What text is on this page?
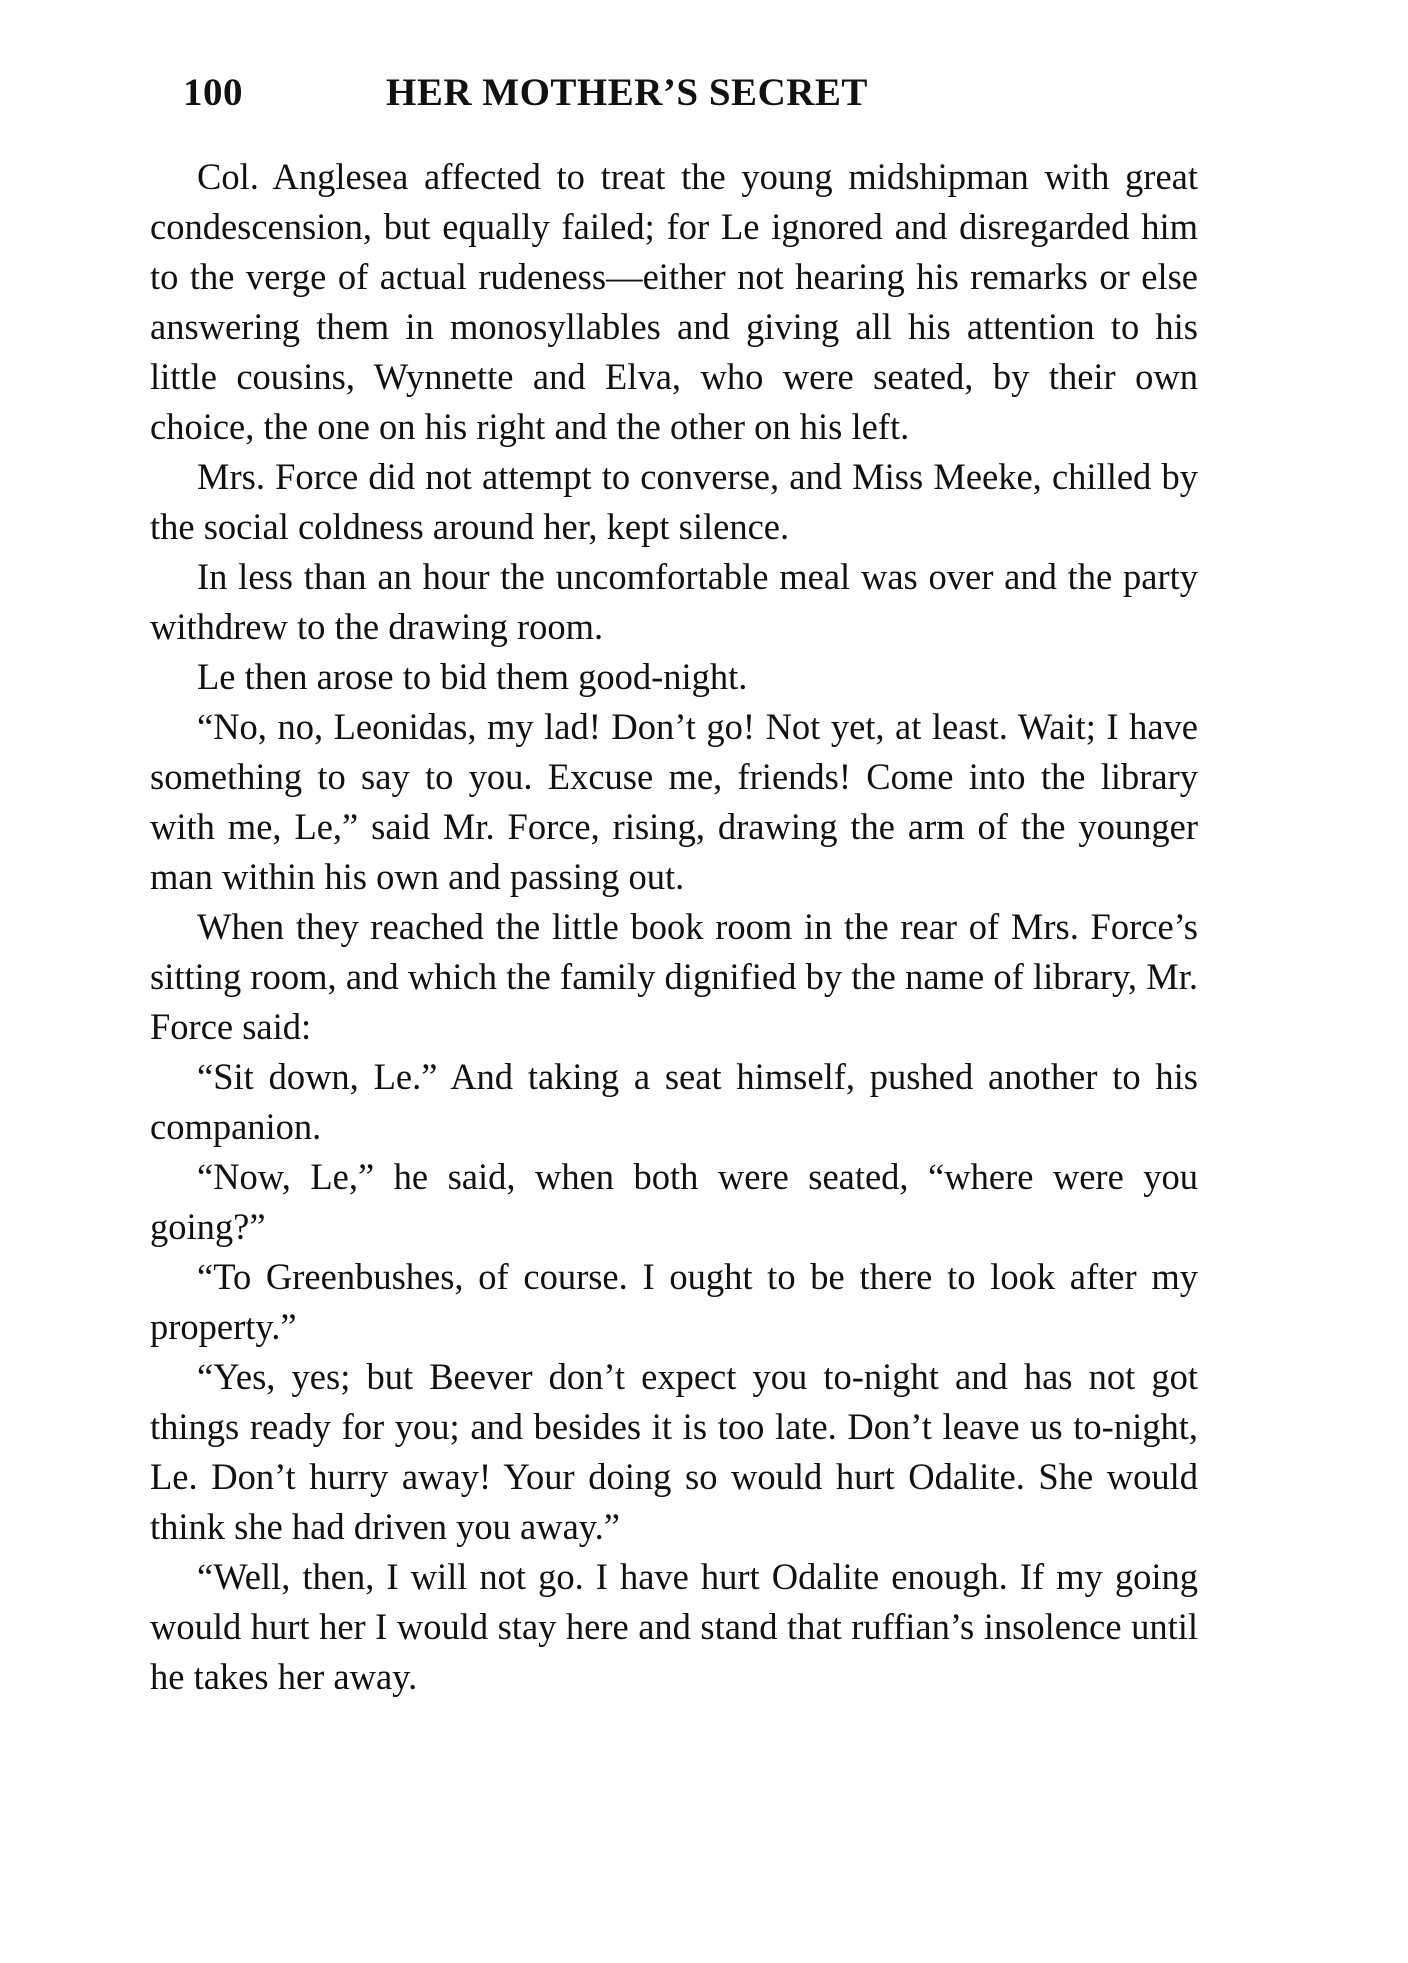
100	HER MOTHER’S SECRET

Col. Anglesea affected to treat the young midshipman with great condescension, but equally failed; for Le ignored and disregarded him to the verge of actual rudeness—either not hearing his remarks or else answering them in monosyllables and giving all his attention to his little cousins, Wynnette and Elva, who were seated, by their own choice, the one on his right and the other on his left.

Mrs. Force did not attempt to converse, and Miss Meeke, chilled by the social coldness around her, kept silence.

In less than an hour the uncomfortable meal was over and the party withdrew to the drawing room.

Le then arose to bid them good-night.

“No, no, Leonidas, my lad! Don’t go! Not yet, at least. Wait; I have something to say to you. Excuse me, friends! Come into the library with me, Le,” said Mr. Force, rising, drawing the arm of the younger man within his own and passing out.

When they reached the little book room in the rear of Mrs. Force’s sitting room, and which the family dignified by the name of library, Mr. Force said:

“Sit down, Le.” And taking a seat himself, pushed another to his companion.

“Now, Le,” he said, when both were seated, “where were you going?”

“To Greenbushes, of course. I ought to be there to look after my property.”

“Yes, yes; but Beever don’t expect you to-night and has not got things ready for you; and besides it is too late. Don’t leave us to-night, Le. Don’t hurry away! Your doing so would hurt Odalite. She would think she had driven you away.”

“Well, then, I will not go. I have hurt Odalite enough. If my going would hurt her I would stay here and stand that ruffian’s insolence until he takes her away.
